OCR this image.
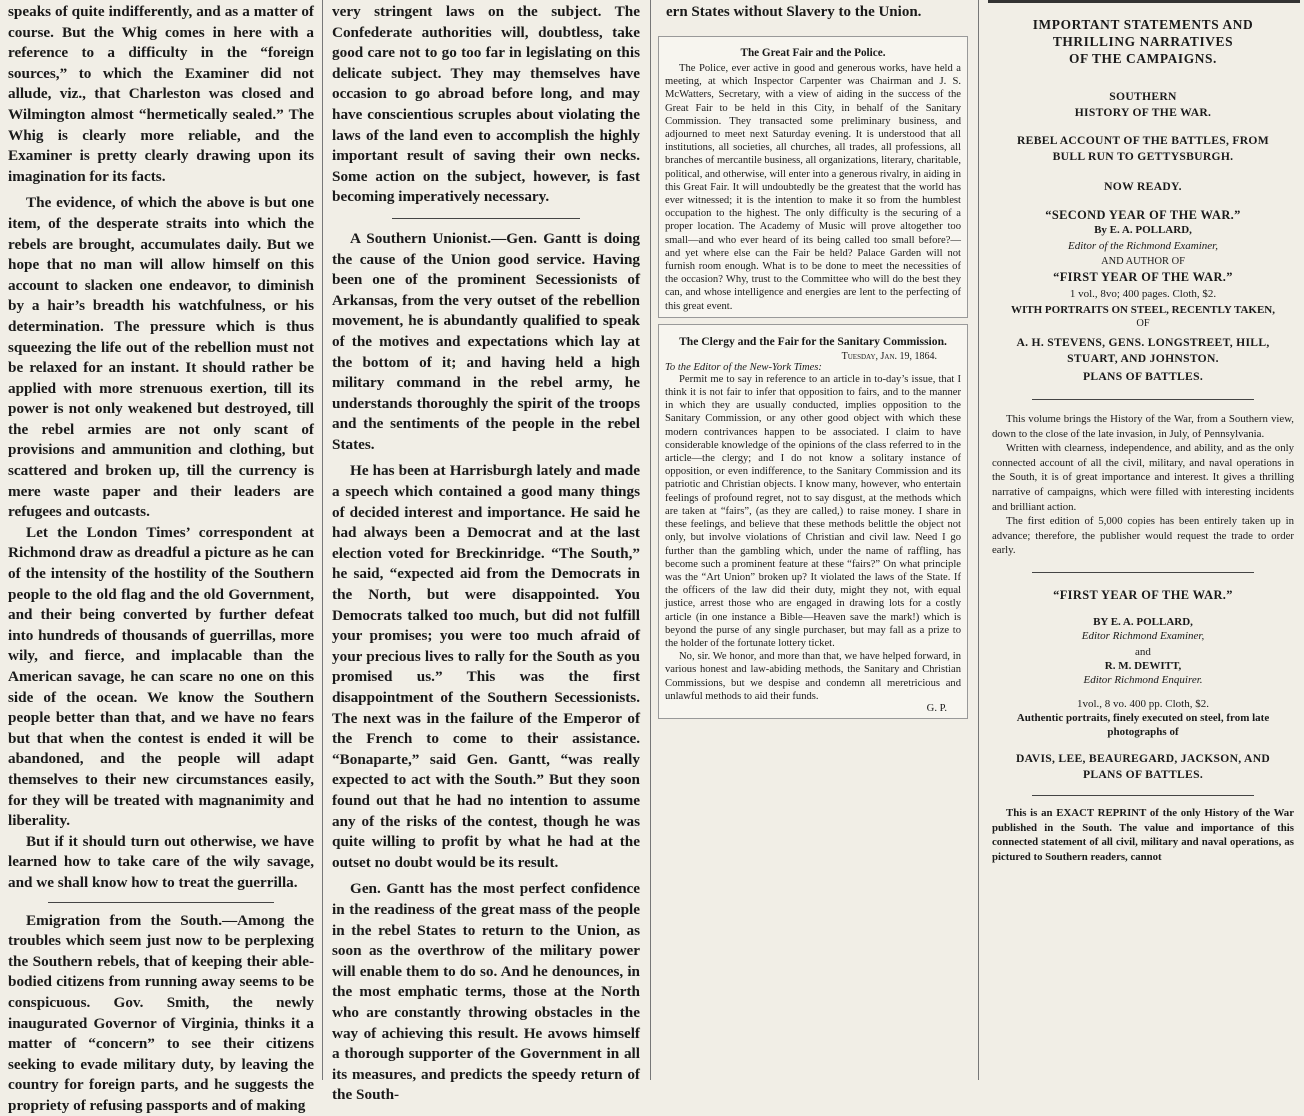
speaks of quite indifferently, and as a matter of course. But the Whig comes in here with a reference to a difficulty in the “foreign sources,” to which the Examiner did not allude, viz., that Charleston was closed and Wilmington almost “hermetically sealed.” The Whig is clearly more reliable, and the Examiner is pretty clearly drawing upon its imagination for its facts.

The evidence, of which the above is but one item, of the desperate straits into which the rebels are brought, accumulates daily. But we hope that no man will allow himself on this account to slacken one endeavor, to diminish by a hair’s breadth his watchfulness, or his determination. The pressure which is thus squeezing the life out of the rebellion must not be relaxed for an instant. It should rather be applied with more strenuous exertion, till its power is not only weakened but destroyed, till the rebel armies are not only scant of provisions and ammunition and clothing, but scattered and broken up, till the currency is mere waste paper and their leaders are refugees and outcasts.

Let the London Times’ correspondent at Richmond draw as dreadful a picture as he can of the intensity of the hostility of the Southern people to the old flag and the old Government, and their being converted by further defeat into hundreds of thousands of guerrillas, more wily, and fierce, and implacable than the American savage, he can scare no one on this side of the ocean. We know the Southern people better than that, and we have no fears but that when the contest is ended it will be abandoned, and the people will adapt themselves to their new circumstances easily, for they will be treated with magnanimity and liberality.

But if it should turn out otherwise, we have learned how to take care of the wily savage, and we shall know how to treat the guerrilla.

Emigration from the South.—Among the troubles which seem just now to be perplexing the Southern rebels, that of keeping their able-bodied citizens from running away seems to be conspicuous. Gov. Smith, the newly inaugurated Governor of Virginia, thinks it a matter of “concern” to see their citizens seeking to evade military duty, by leaving the country for foreign parts, and he suggests the propriety of refusing passports and of making

very stringent laws on the subject. The Confederate authorities will, doubtless, take good care not to go too far in legislating on this delicate subject. They may themselves have occasion to go abroad before long, and may have conscientious scruples about violating the laws of the land even to accomplish the highly important result of saving their own necks. Some action on the subject, however, is fast becoming imperatively necessary.

A Southern Unionist.—Gen. Gantt is doing the cause of the Union good service. Having been one of the prominent Secessionists of Arkansas, from the very outset of the rebellion movement, he is abundantly qualified to speak of the motives and expectations which lay at the bottom of it; and having held a high military command in the rebel army, he understands thoroughly the spirit of the troops and the sentiments of the people in the rebel States.

He has been at Harrisburgh lately and made a speech which contained a good many things of decided interest and importance. He said he had always been a Democrat and at the last election voted for Breckinridge. “The South,” he said, “expected aid from the Democrats in the North, but were disappointed. You Democrats talked too much, but did not fulfill your promises; you were too much afraid of your precious lives to rally for the South as you promised us.” This was the first disappointment of the Southern Secessionists. The next was in the failure of the Emperor of the French to come to their assistance. “Bonaparte,” said Gen. Gantt, “was really expected to act with the South.” But they soon found out that he had no intention to assume any of the risks of the contest, though he was quite willing to profit by what he had at the outset no doubt would be its result.

Gen. Gantt has the most perfect confidence in the readiness of the great mass of the people in the rebel States to return to the Union, as soon as the overthrow of the military power will enable them to do so. And he denounces, in the most emphatic terms, those at the North who are constantly throwing obstacles in the way of achieving this result. He avows himself a thorough supporter of the Government in all its measures, and predicts the speedy return of the South-

ern States without Slavery to the Union.

The Great Fair and the Police.

The Police, ever active in good and generous works, have held a meeting, at which Inspector Carpenter was Chairman and J. S. McWatters, Secretary, with a view of aiding in the success of the Great Fair to be held in this City, in behalf of the Sanitary Commission. They transacted some preliminary business, and adjourned to meet next Saturday evening. It is understood that all institutions, all societies, all churches, all trades, all professions, all branches of mercantile business, all organizations, literary, charitable, political, and otherwise, will enter into a generous rivalry, in aiding in this Great Fair. It will undoubtedly be the greatest that the world has ever witnessed; it is the intention to make it so from the humblest occupation to the highest. The only difficulty is the securing of a proper location. The Academy of Music will prove altogether too small—and who ever heard of its being called too small before?—and yet where else can the Fair be held? Palace Garden will not furnish room enough. What is to be done to meet the necessities of the occasion? Why, trust to the Committee who will do the best they can, and whose intelligence and energies are lent to the perfecting of this great event.

The Clergy and the Fair for the Sanitary Commission.
Tuesday, Jan. 19, 1864.
To the Editor of the New-York Times:

Permit me to say in reference to an article in to-day’s issue, that I think it is not fair to infer that opposition to fairs, and to the manner in which they are usually conducted, implies opposition to the Sanitary Commission, or any other good object with which these modern contrivances happen to be associated. I claim to have considerable knowledge of the opinions of the class referred to in the article—the clergy; and I do not know a solitary instance of opposition, or even indifference, to the Sanitary Commission and its patriotic and Christian objects. I know many, however, who entertain feelings of profound regret, not to say disgust, at the methods which are taken at “fairs”, (as they are called,) to raise money. I share in these feelings, and believe that these methods belittle the object not only, but involve violations of Christian and civil law. Need I go further than the gambling which, under the name of raffling, has become such a prominent feature at these “fairs?” On what principle was the “Art Union” broken up? It violated the laws of the State. If the officers of the law did their duty, might they not, with equal justice, arrest those who are engaged in drawing lots for a costly article (in one instance a Bible—Heaven save the mark!) which is beyond the purse of any single purchaser, but may fall as a prize to the holder of the fortunate lottery ticket.

No, sir. We honor, and more than that, we have helped forward, in various honest and law-abiding methods, the Sanitary and Christian Commissions, but we despise and condemn all meretricious and unlawful methods to aid their funds.

G. P.
IMPORTANT STATEMENTS AND
THRILLING NARRATIVES
OF THE CAMPAIGNS.
SOUTHERN
HISTORY OF THE WAR.
REBEL ACCOUNT OF THE BATTLES, FROM
BULL RUN TO GETTYSBURGH.
NOW READY.
“SECOND YEAR OF THE WAR.”
By E. A. POLLARD,
Editor of the Richmond Examiner,
AND AUTHOR OF
“FIRST YEAR OF THE WAR.”
1 vol., 8vo; 400 pages. Cloth, $2.
WITH PORTRAITS ON STEEL, RECENTLY TAKEN,
OF
A. H. STEVENS, GENS. LONGSTREET, HILL,
STUART, AND JOHNSTON.
PLANS OF BATTLES.

This volume brings the History of the War, from a Southern view, down to the close of the late invasion, in July, of Pennsylvania.

Written with clearness, independence, and ability, and as the only connected account of all the civil, military, and naval operations in the South, it is of great importance and interest. It gives a thrilling narrative of campaigns, which were filled with interesting incidents and brilliant action.

The first edition of 5,000 copies has been entirely taken up in advance; therefore, the publisher would request the trade to order early.

“FIRST YEAR OF THE WAR.”
BY E. A. POLLARD,
Editor Richmond Examiner,
and
R. M. DEWITT,
Editor Richmond Enquirer.
1vol., 8 vo. 400 pp. Cloth, $2.
Authentic portraits, finely executed on steel, from late photographs of
DAVIS, LEE, BEAUREGARD, JACKSON, AND
PLANS OF BATTLES.

This is an EXACT REPRINT of the only History of the War published in the South. The value and importance of this connected statement of all civil, military and naval operations, as pictured to Southern readers, cannot
